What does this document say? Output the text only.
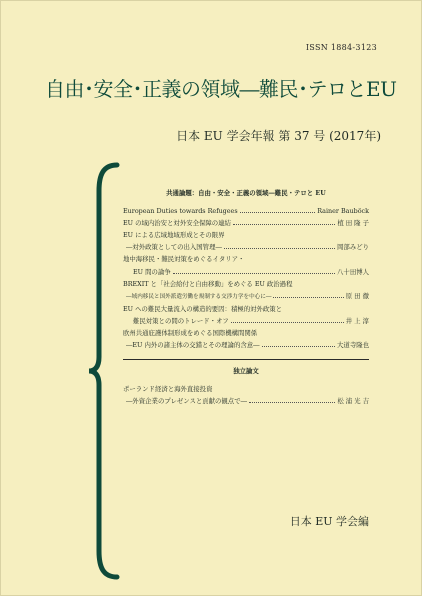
ISSN 1884-3123
自由･安全･正義の領域―難民･テロとEU
日本 EU 学会年報 第 37 号 (2017年)
共通論題：自由・安全・正義の領域―難民・テロと EU
European Duties towards Refugees	Rainer Bauböck
EU の域内治安と対外安全保障の連結	植 田 隆 子
EU による広域地域形成とその限界
―対外政策としての出入国管理―	岡部みどり
地中海移民・難民対策をめぐるイタリア・
EU 間の論争	八十田博人
BREXIT と「社会給付と自由移動」をめぐる EU 政治過程
―域内移民と国外派遣労働を規制する交渉力学を中心に―	原 田 徹
EU への難民大量流入の構造的要因：積極的対外政策と
難民対策との間のトレード・オフ	井 上 淳
欧州共通庇護体制形成をめぐる国際機構間関係
―EU 内外の諸主体の交錯とその理論的含意―	大道寺隆也
独立論文
ポーランド経済と海外直接投資
―外資企業のプレゼンスと貢献の観点で―	松 浦 光 吉
日本 EU 学会編
